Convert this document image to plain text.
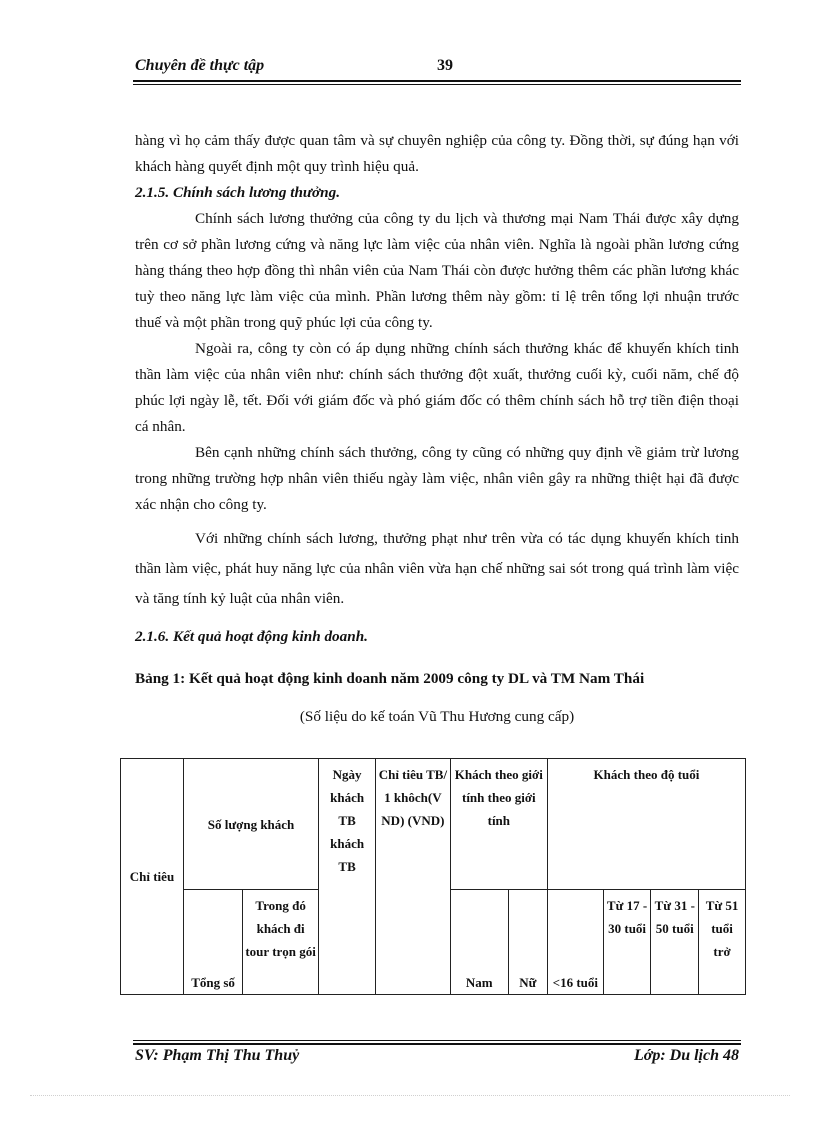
Chuyên đề thực tập	39

hàng vì họ cảm thấy được quan tâm và sự chuyên nghiệp của công ty. Đồng thời, sự đúng hạn với khách hàng quyết định một quy trình hiệu quả.

2.1.5. Chính sách lương thưởng.

Chính sách lương thưởng của công ty du lịch và thương mại Nam Thái được xây dựng trên cơ sở phần lương cứng và năng lực làm việc của nhân viên. Nghĩa là ngoài phần lương cứng hàng tháng theo hợp đồng thì nhân viên của Nam Thái còn được hưởng thêm các phần lương khác tuỳ theo năng lực làm việc của mình. Phần lương thêm này gồm: tỉ lệ trên tổng lợi nhuận trước thuế và một phần trong quỹ phúc lợi của công ty.

Ngoài ra, công ty còn có áp dụng những chính sách thưởng khác để khuyến khích tinh thần làm việc của nhân viên như: chính sách thưởng đột xuất, thưởng cuối kỳ, cuối năm, chế độ phúc lợi ngày lễ, tết. Đối với giám đốc và phó giám đốc có thêm chính sách hỗ trợ tiền điện thoại cá nhân.

Bên cạnh những chính sách thưởng, công ty cũng có những quy định về giảm trừ lương trong những trường hợp nhân viên thiếu ngày làm việc, nhân viên gây ra những thiệt hại đã được xác nhận cho công ty.

Với những chính sách lương, thưởng phạt như trên vừa có tác dụng khuyến khích tinh thần làm việc, phát huy năng lực của nhân viên vừa hạn chế những sai sót trong quá trình làm việc và tăng tính kỷ luật của nhân viên.

2.1.6. Kết quả hoạt động kinh doanh.

Bảng 1: Kết quả hoạt động kinh doanh năm 2009 công ty DL và TM Nam Thái

(Số liệu do kế toán Vũ Thu Hương cung cấp)

Chỉ tiêu	Số lượng khách		Ngày khách TB khách TB	Chỉ tiêu TB/ 1 khôch(V ND) (VND)	Khách theo giới tính theo giới tính		Khách theo độ tuổi			
	Tổng số	Trong đó khách đi tour trọn gói			Nam	Nữ	<16 tuổi	Từ 17 - 30 tuổi	Từ 31 - 50 tuổi	Từ 51 tuổi trở
SV: Phạm Thị Thu Thuỷ	Lớp: Du lịch 48
